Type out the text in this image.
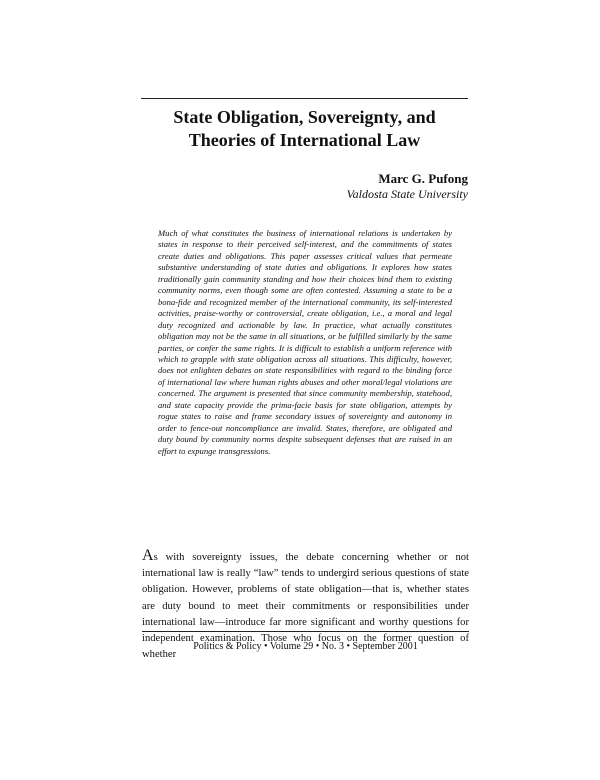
State Obligation, Sovereignty, and Theories of International Law

Marc G. Pufong

Valdosta State University

Much of what constitutes the business of international relations is undertaken by states in response to their perceived self-interest, and the commitments of states create duties and obligations. This paper assesses critical values that permeate substantive understanding of state duties and obligations. It explores how states traditionally gain community standing and how their choices bind them to existing community norms, even though some are often contested. Assuming a state to be a bona-fide and recognized member of the international community, its self-interested activities, praise-worthy or controversial, create obligation, i.e., a moral and legal duty recognized and actionable by law. In practice, what actually constitutes obligation may not be the same in all situations, or be fulfilled similarly by the same parties, or confer the same rights. It is difficult to establish a uniform reference with which to grapple with state obligation across all situations. This difficulty, however, does not enlighten debates on state responsibilities with regard to the binding force of international law where human rights abuses and other moral/legal violations are concerned. The argument is presented that since community membership, statehood, and state capacity provide the prima-facie basis for state obligation, attempts by rogue states to raise and frame secondary issues of sovereignty and autonomy in order to fence-out noncompliance are invalid. States, therefore, are obligated and duty bound by community norms despite subsequent defenses that are raised in an effort to expunge transgressions.

As with sovereignty issues, the debate concerning whether or not international law is really “law” tends to undergird serious questions of state obligation. However, problems of state obligation—that is, whether states are duty bound to meet their commitments or responsibilities under international law—introduce far more significant and worthy questions for independent examination. Those who focus on the former question of whether

Politics & Policy • Volume 29 • No. 3 • September 2001
